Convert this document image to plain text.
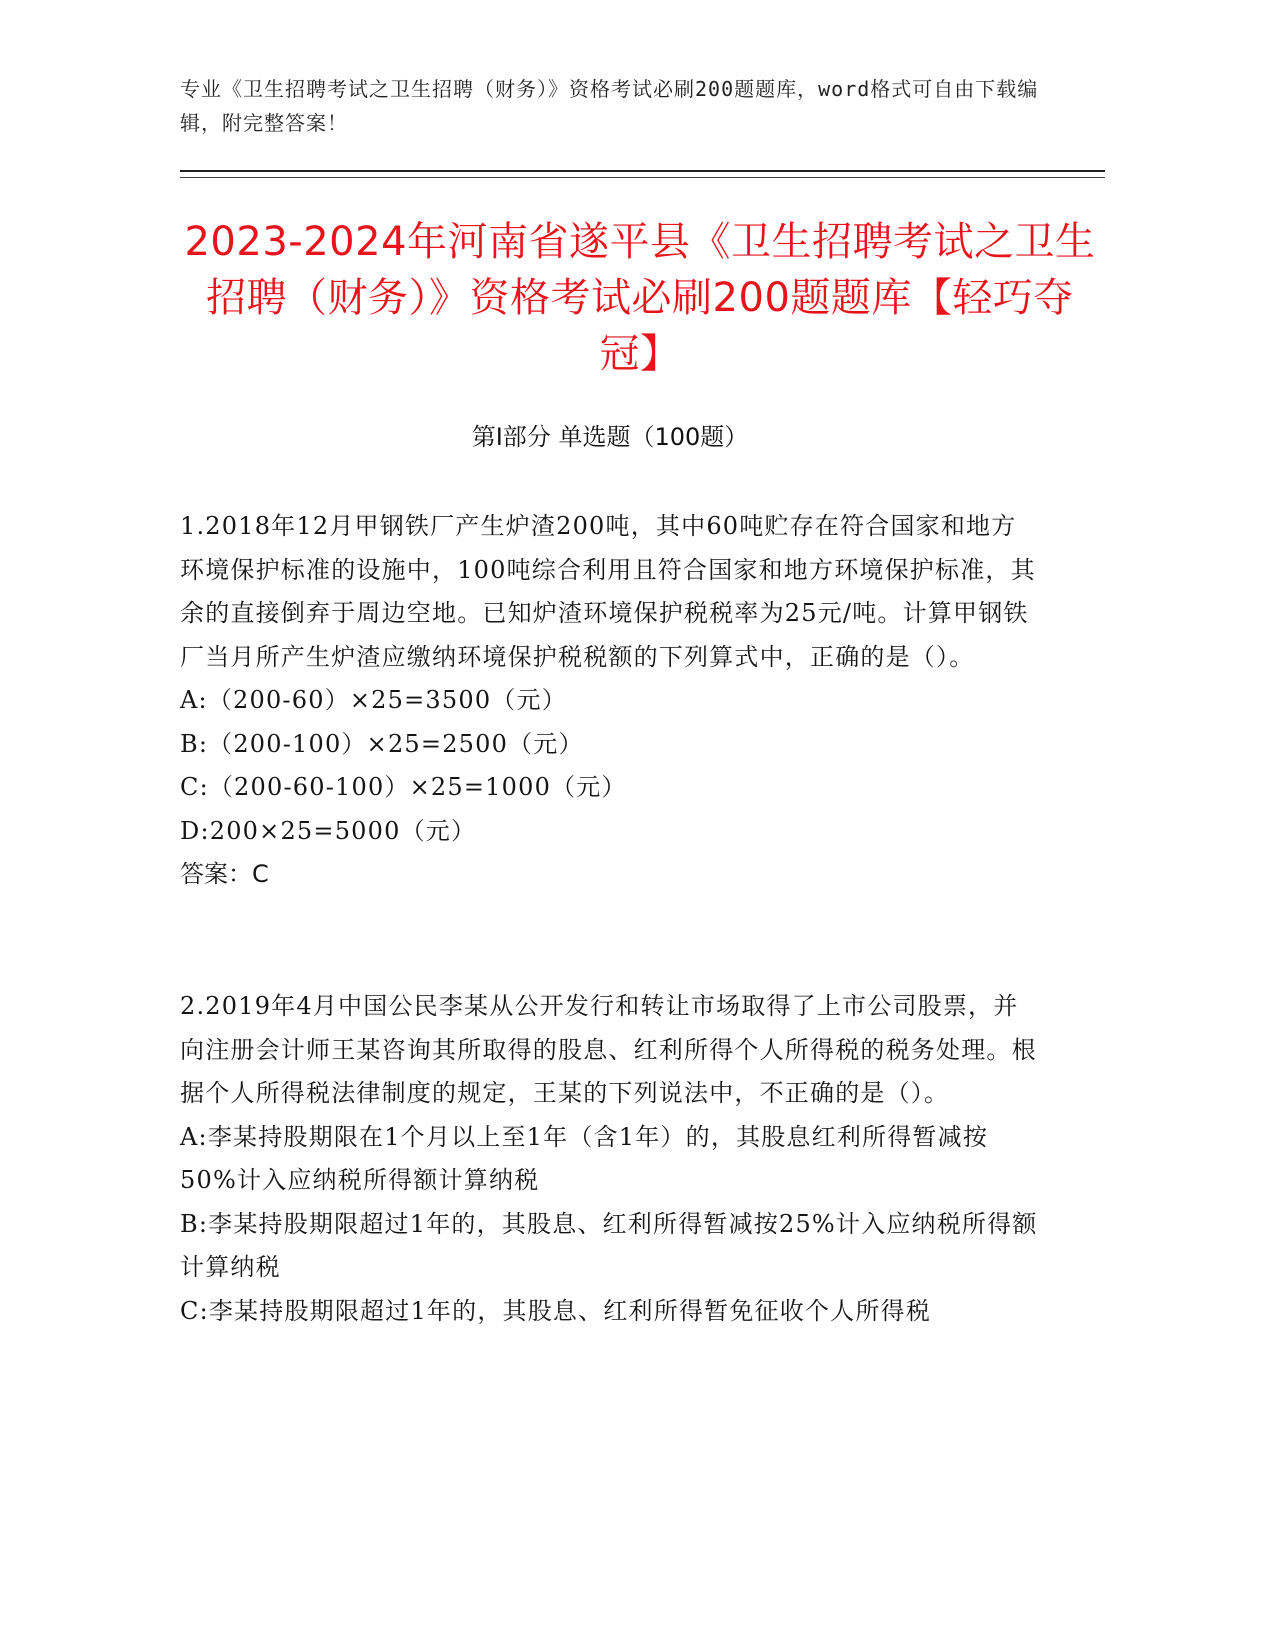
专业《卫生招聘考试之卫生招聘（财务）》资格考试必刷200题题库，word格式可自由下载编辑，附完整答案！
2023-2024年河南省遂平县《卫生招聘考试之卫生招聘（财务）》资格考试必刷200题题库【轻巧夺冠】
第Ⅰ部分 单选题（100题）

1.2018年12月甲钢铁厂产生炉渣200吨，其中60吨贮存在符合国家和地方环境保护标准的设施中，100吨综合利用且符合国家和地方环境保护标准，其余的直接倒弃于周边空地。已知炉渣环境保护税税率为25元/吨。计算甲钢铁厂当月所产生炉渣应缴纳环境保护税税额的下列算式中，正确的是（）。

A:（200-60）×25=3500（元）

B:（200-100）×25=2500（元）

C:（200-60-100）×25=1000（元）

D:200×25=5000（元）

答案：C

2.2019年4月中国公民李某从公开发行和转让市场取得了上市公司股票，并向注册会计师王某咨询其所取得的股息、红利所得个人所得税的税务处理。根据个人所得税法律制度的规定，王某的下列说法中，不正确的是（）。

A:李某持股期限在1个月以上至1年（含1年）的，其股息红利所得暂减按50%计入应纳税所得额计算纳税

B:李某持股期限超过1年的，其股息、红利所得暂减按25%计入应纳税所得额计算纳税

C:李某持股期限超过1年的，其股息、红利所得暂免征收个人所得税
